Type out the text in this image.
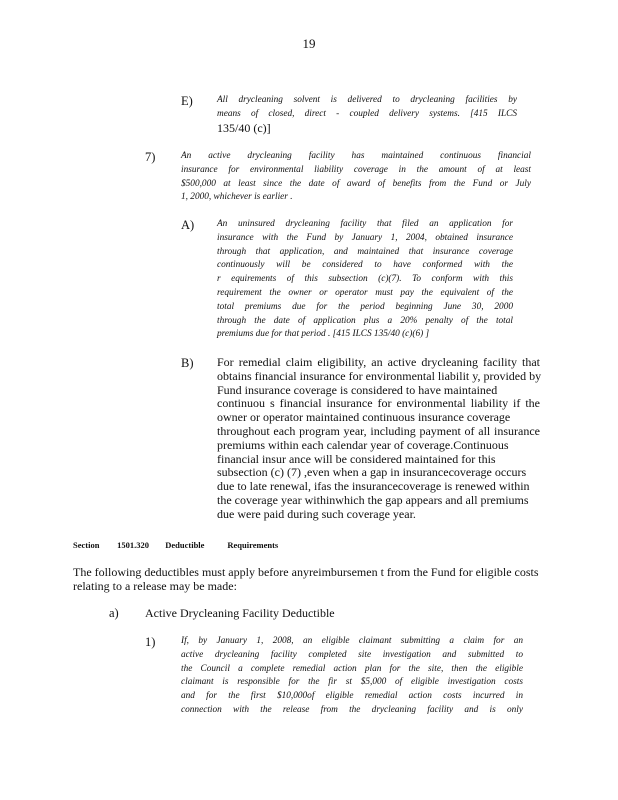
19
E)	All drycleaning solvent is delivered to drycleaning facilities by
means of closed, direct - coupled delivery systems. [415 ILCS
135/40 (c)]
7)	An active drycleaning facility has maintained continuous financial
insurance for environmental liability coverage in the amount of at least
$500,000 at least since the date of award of benefits from the Fund or July
1, 2000, whichever is earlier .
A) An uninsured drycleaning facility that filed an application for
insurance with the Fund by January 1, 2004, obtained insurance
through that application, and maintained that insurance coverage
continuously will be considered to have conformed with the
r equirements of this subsection (c)(7). To conform with this
requirement the owner or operator must pay the equivalent of the
total premiums due for the period beginning June 30, 2000
through the date of application plus a 20% penalty of the total
premiums due for that period . [415 ILCS 135/40 (c)(6) ]
B) For remedial claim eligibility, an active drycleaning facility that
obtains financial insurance for environmental liabilit y, provided by
Fund insurance coverage is considered to have maintained
continuou s financial insurance for environmental liability if the
owner or operator maintained continuous insurance coverage
throughout each program year, including payment of all insurance
premiums within each calendar year of coverage.Continuous
financial insur ance will be considered maintained for this
subsection (c) (7) ,even when a gap in insurancecoverage occurs
due to late renewal, ifas the insurancecoverage is renewed within
the coverage year withinwhich the gap appears and all premiums
due were paid during such coverage year.
Section 1501.320 Deductible	Requirements
The following deductibles must apply before anyreimbursemen t from the Fund for eligible costs
relating to a release may be made:
a) Active Drycleaning Facility Deductible
1)	If, by January 1, 2008, an eligible claimant submitting a claim for an
active drycleaning facility completed site investigation and submitted to
the Council a complete remedial action plan for the site, then the eligible
claimant is responsible for the fir st $5,000 of eligible investigation costs
and for the first $10,000of eligible remedial action costs incurred in
connection with the release from the drycleaning facility and is only
